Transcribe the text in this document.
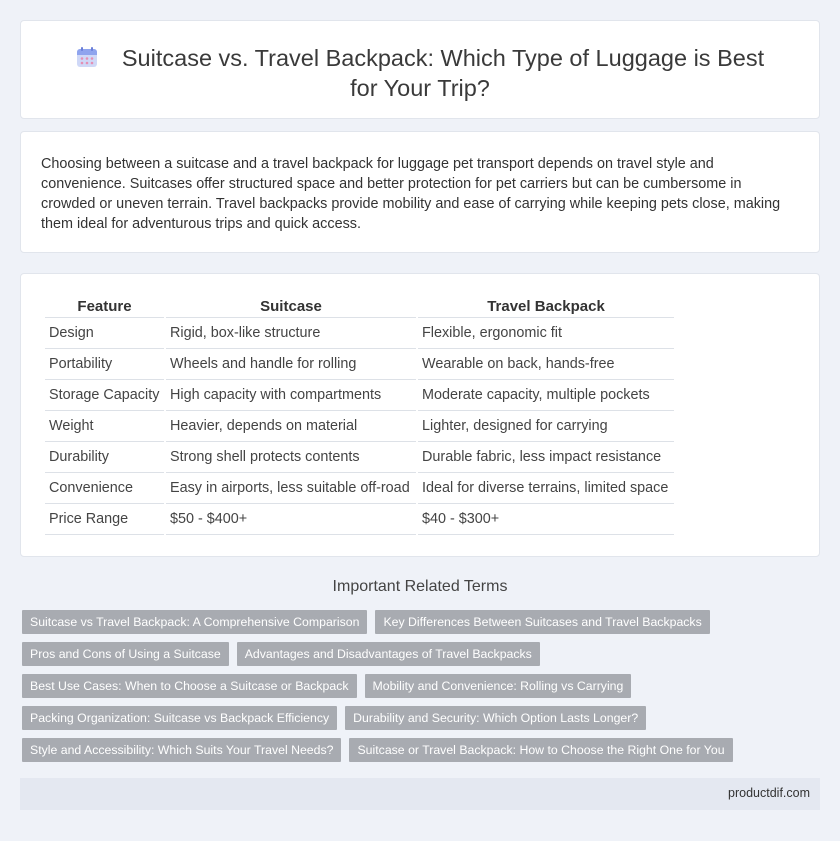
Suitcase vs. Travel Backpack: Which Type of Luggage is Best for Your Trip?

Choosing between a suitcase and a travel backpack for luggage pet transport depends on travel style and convenience. Suitcases offer structured space and better protection for pet carriers but can be cumbersome in crowded or uneven terrain. Travel backpacks provide mobility and ease of carrying while keeping pets close, making them ideal for adventurous trips and quick access.

Feature	Suitcase	Travel Backpack
Design	Rigid, box-like structure	Flexible, ergonomic fit
Portability	Wheels and handle for rolling	Wearable on back, hands-free
Storage Capacity	High capacity with compartments	Moderate capacity, multiple pockets
Weight	Heavier, depends on material	Lighter, designed for carrying
Durability	Strong shell protects contents	Durable fabric, less impact resistance
Convenience	Easy in airports, less suitable off-road	Ideal for diverse terrains, limited space
Price Range	$50 - $400+	$40 - $300+
Important Related Terms
Suitcase vs Travel Backpack: A Comprehensive Comparison	Key Differences Between Suitcases and Travel Backpacks
Pros and Cons of Using a Suitcase	Advantages and Disadvantages of Travel Backpacks
Best Use Cases: When to Choose a Suitcase or Backpack	Mobility and Convenience: Rolling vs Carrying
Packing Organization: Suitcase vs Backpack Efficiency	Durability and Security: Which Option Lasts Longer?
Style and Accessibility: Which Suits Your Travel Needs?	Suitcase or Travel Backpack: How to Choose the Right One for You
productdif.com
